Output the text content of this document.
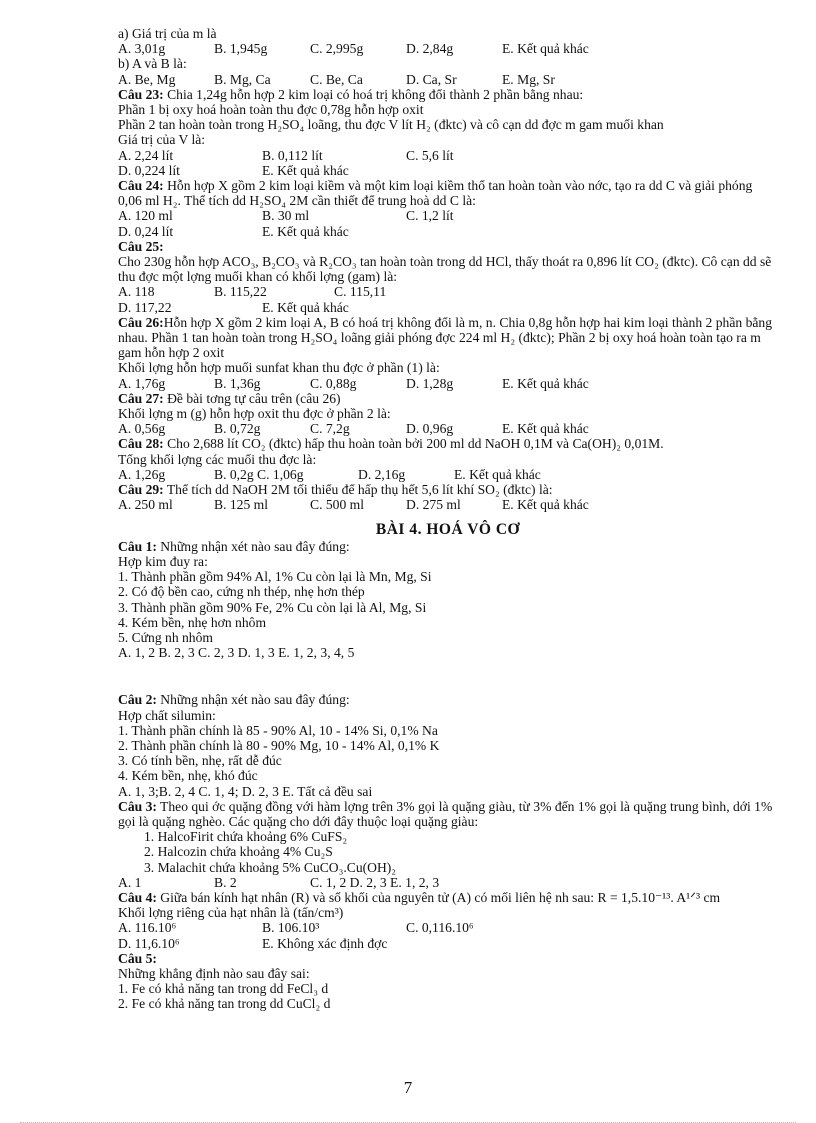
a) Giá trị của m là
A. 3,01g	B. 1,945g	C. 2,995g	D. 2,84g	E. Kết quả khác
b) A và B là:
A. Be, Mg	B. Mg, Ca	C. Be, Ca	D. Ca, Sr	E. Mg, Sr
Câu 23: Chia 1,24g hỗn hợp 2 kim loại có hoá trị không đổi thành 2 phần bằng nhau:
Phần 1 bị oxy hoá hoàn toàn thu đợc 0,78g hỗn hợp oxit
Phần 2 tan hoàn toàn trong H₂SO₄ loãng, thu đợc V lít H₂ (đktc) và cô cạn dd đợc m gam muối khan
Giá trị của V là:
A. 2,24 lít	B. 0,112 lít	C. 5,6 lít
D. 0,224 lít	E. Kết quả khác
Câu 24: Hỗn hợp X gồm 2 kim loại kiềm và một kim loại kiềm thổ tan hoàn toàn vào nớc, tạo ra dd C và giải phóng 0,06 ml H₂. Thể tích dd H₂SO₄ 2M cần thiết để trung hoà dd C là:
A. 120 ml	B. 30 ml	C. 1,2 lít
D. 0,24 lít	E. Kết quả khác
Câu 25:
Cho 230g hỗn hợp ACO₃, B₂CO₃ và R₂CO₃ tan hoàn toàn trong dd HCl, thấy thoát ra 0,896 lít CO₂ (đktc). Cô cạn dd sẽ thu đợc một lợng muối khan có khối lợng (gam) là:
A. 118	B. 115,22	C. 115,11
D. 117,22	E. Kết quả khác
Câu 26:Hỗn hợp X gồm 2 kim loại A, B có hoá trị không đổi là m, n. Chia 0,8g hỗn hợp hai kim loại thành 2 phần bằng nhau. Phần 1 tan hoàn toàn trong H₂SO₄ loãng giải phóng đợc 224 ml H₂ (đktc); Phần 2 bị oxy hoá hoàn toàn tạo ra m gam hỗn hợp 2 oxit
Khối lợng hỗn hợp muối sunfat khan thu đợc ở phần (1) là:
A. 1,76g	B. 1,36g	C. 0,88g	D. 1,28g	E. Kết quả khác
Câu 27: Đề bài tơng tự câu trên (câu 26)
Khối lợng m (g) hỗn hợp oxit thu đợc ở phần 2 là:
A. 0,56g	B. 0,72g	C. 7,2g	D. 0,96g	E. Kết quả khác
Câu 28: Cho 2,688 lít CO₂ (đktc) hấp thu hoàn toàn bởi 200 ml dd NaOH 0,1M và Ca(OH)₂ 0,01M.
Tổng khối lợng các muối thu đợc là:
A. 1,26g	B. 0,2g C. 1,06g	D. 2,16g	E. Kết quả khác
Câu 29: Thể tích dd NaOH 2M tối thiểu để hấp thụ hết 5,6 lít khí SO₂ (đktc) là:
A. 250 ml	B. 125 ml	C. 500 ml	D. 275 ml	E. Kết quả khác
BÀI 4. HOÁ VÔ CƠ
Câu 1: Những nhận xét nào sau đây đúng:
Hợp kim đuy ra:
1. Thành phần gồm 94% Al, 1% Cu còn lại là Mn, Mg, Si
2. Có độ bền cao, cứng nh thép, nhẹ hơn thép
3. Thành phần gồm 90% Fe, 2% Cu còn lại là Al, Mg, Si
4. Kém bền, nhẹ hơn nhôm
5. Cứng nh nhôm
A. 1, 2 B. 2, 3 C. 2, 3 D. 1, 3 E. 1, 2, 3, 4, 5
Câu 2: Những nhận xét nào sau đây đúng:
Hợp chất silumin:
1. Thành phần chính là 85 - 90% Al, 10 - 14% Si, 0,1% Na
2. Thành phần chính là 80 - 90% Mg, 10 - 14% Al, 0,1% K
3. Có tính bền, nhẹ, rất dễ đúc
4. Kém bền, nhẹ, khó đúc
A. 1, 3;B. 2, 4 C. 1, 4; D. 2, 3 E. Tất cả đều sai
Câu 3: Theo qui ớc quặng đồng với hàm lợng trên 3% gọi là quặng giàu, từ 3% đến 1% gọi là quặng trung bình, dới 1% gọi là quặng nghèo. Các quặng cho dới đây thuộc loại quặng giàu:
1. HalcoFirit chứa khoảng 6% CuFS₂
2. Halcozin chứa khoảng 4% Cu₂S
3. Malachit chứa khoảng 5% CuCO₃.Cu(OH)₂
A. 1	B. 2	C. 1, 2 D. 2, 3 E. 1, 2, 3
Câu 4: Giữa bán kính hạt nhân (R) và số khối của nguyên tử (A) có mối liên hệ nh sau: R = 1,5.10⁻¹³. A¹ᐟ³ cm
Khối lợng riêng của hạt nhân là (tấn/cm³)
A. 116.10⁶	B. 106.10³	C. 0,116.10⁶
D. 11,6.10⁶	E. Không xác định đợc
Câu 5:
Những khẳng định nào sau đây sai:
1. Fe có khả năng tan trong dd FeCl₃ d
2. Fe có khả năng tan trong dd CuCl₂ d
7
